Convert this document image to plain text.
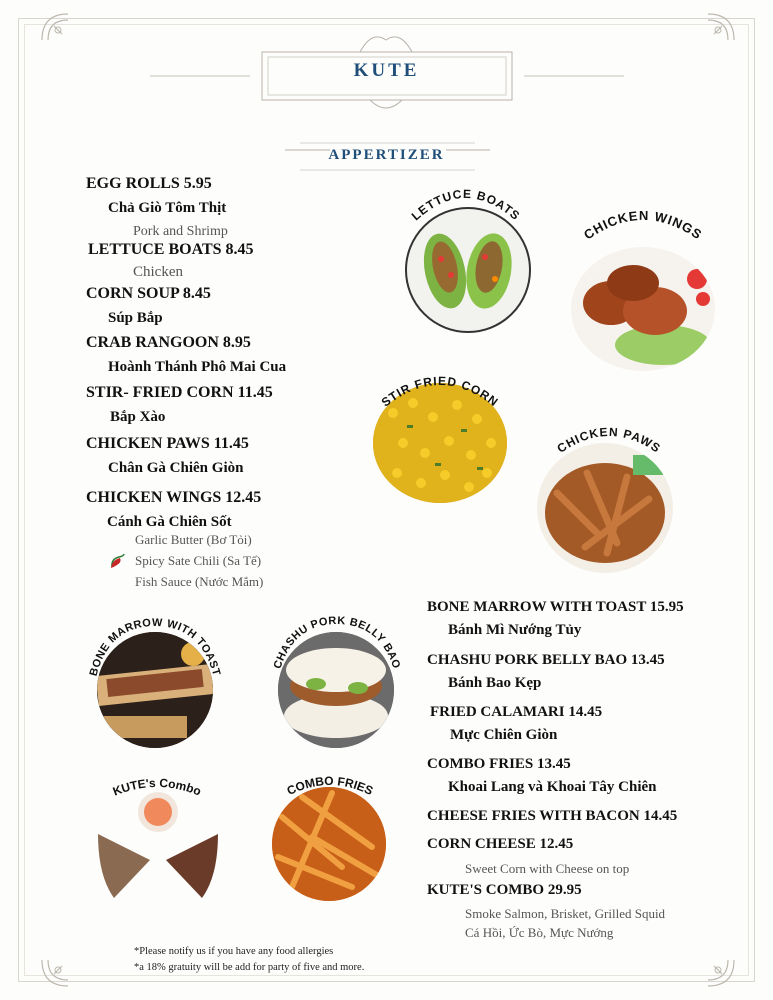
KUTE
APPERTIZER
EGG ROLLS 5.95
Chả Giò Tôm Thịt
Pork and Shrimp
LETTUCE BOATS 8.45
Chicken
CORN SOUP 8.45
Súp Bắp
CRAB RANGOON 8.95
Hoành Thánh Phô Mai Cua
STIR- FRIED CORN 11.45
Bắp Xào
CHICKEN PAWS 11.45
Chân Gà Chiên Giòn
CHICKEN WINGS 12.45
Cánh Gà Chiên Sốt
Garlic Butter (Bơ Tỏi)
Spicy Sate Chili (Sa Tế)
Fish Sauce (Nước Mắm)
BONE MARROW WITH TOAST 15.95
Bánh Mì Nướng Tủy
CHASHU PORK BELLY BAO 13.45
Bánh Bao Kẹp
FRIED CALAMARI 14.45
Mực Chiên Giòn
COMBO FRIES 13.45
Khoai Lang và Khoai Tây Chiên
CHEESE FRIES WITH BACON 14.45
CORN CHEESE 12.45
Sweet Corn with Cheese on top
KUTE'S COMBO 29.95
Smoke Salmon, Brisket, Grilled Squid
Cá Hồi, Ức Bò, Mực Nướng
LETTUCE BOATS
CHICKEN WINGS
STIR FRIED CORN
CHICKEN PAWS
BONE MARROW WITH TOAST
CHASHU PORK BELLY BAO
KUTE's Combo	COMBO FRIES
*Please notify us if you have any food allergies
*a 18% gratuity will be add for party of five and more.
